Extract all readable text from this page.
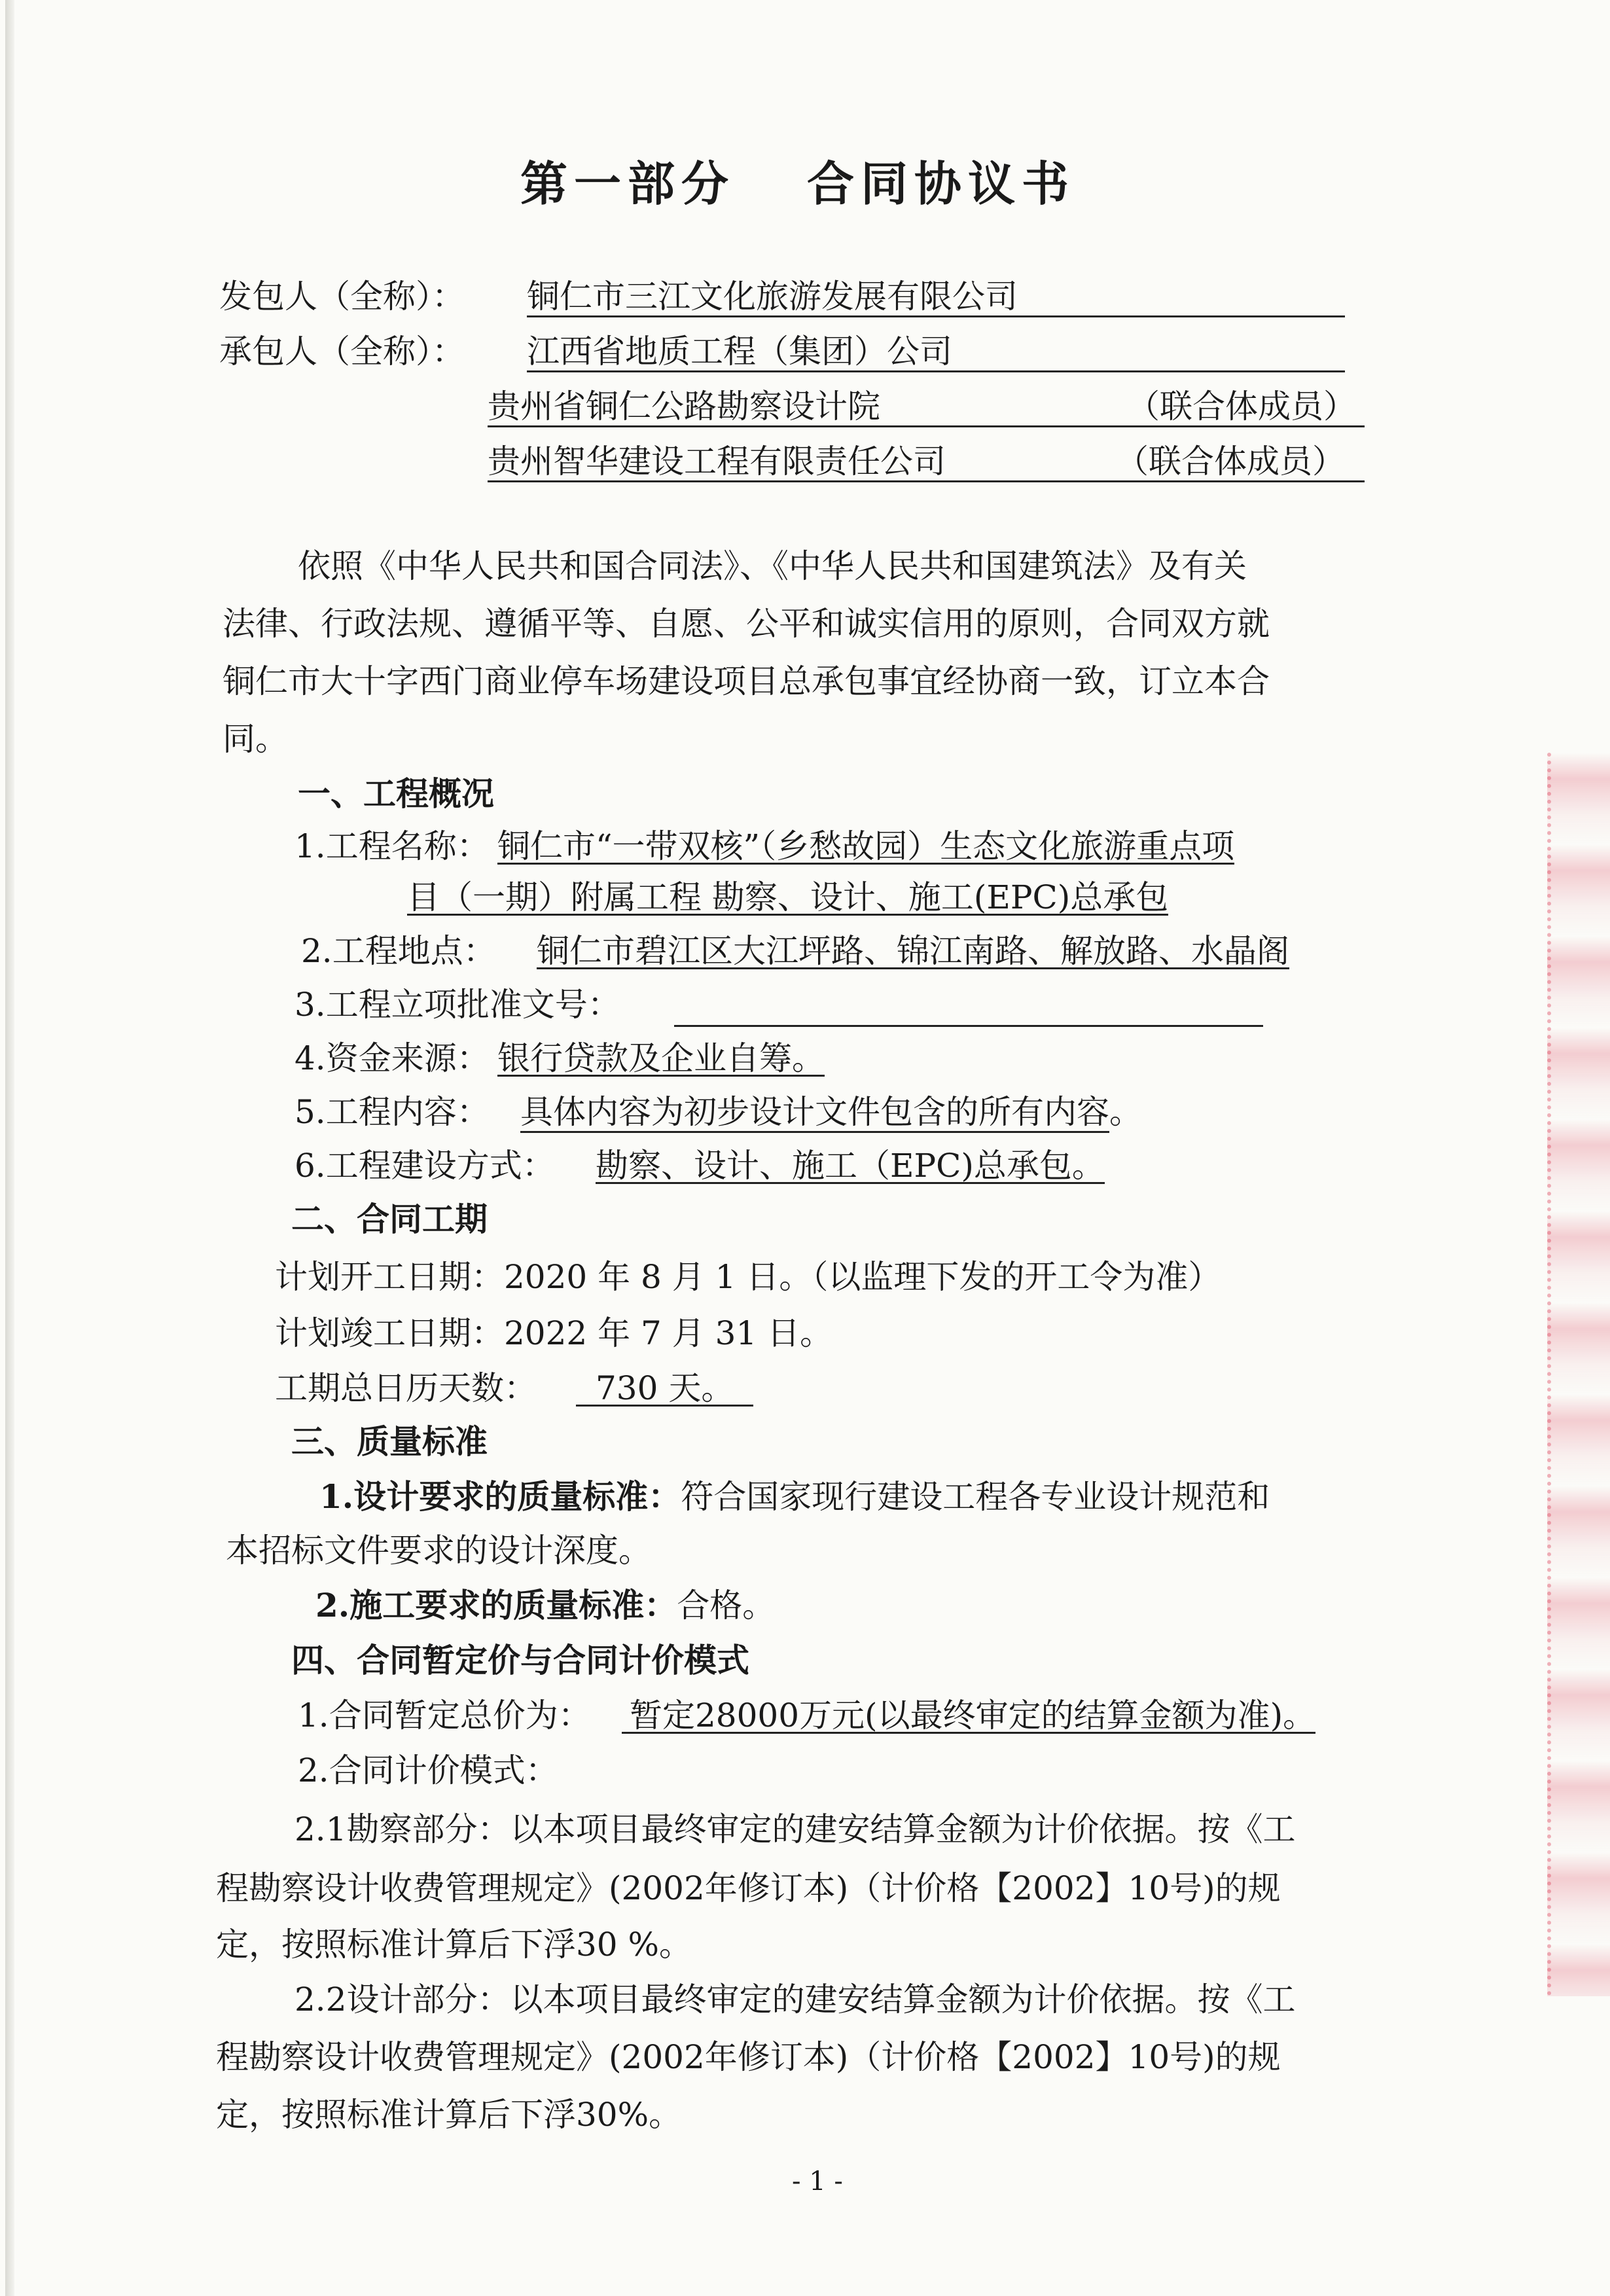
第一部分 合同协议书
发包人（全称）： 铜仁市三江文化旅游发展有限公司
承包人（全称）： 江西省地质工程（集团）公司
贵州省铜仁公路勘察设计院	（联合体成员）
贵州智华建设工程有限责任公司	（联合体成员）
依照《中华人民共和国合同法》、《中华人民共和国建筑法》及有关
法律、行政法规、遵循平等、自愿、公平和诚实信用的原则，合同双方就
铜仁市大十字西门商业停车场建设项目总承包事宜经协商一致，订立本合
同。
一、工程概况
1.工程名称： 铜仁市“一带双核”（乡愁故园）生态文化旅游重点项
目（一期）附属工程 勘察、设计、施工(EPC)总承包
2.工程地点： 铜仁市碧江区大江坪路、锦江南路、解放路、水晶阁
3.工程立项批准文号：
4.资金来源： 银行贷款及企业自筹。
5.工程内容： 具体内容为初步设计文件包含的所有内容。
6.工程建设方式： 勘察、设计、施工（EPC)总承包。
二、合同工期
计划开工日期：2020 年 8 月 1 日。（以监理下发的开工令为准）
计划竣工日期：2022 年 7 月 31 日。
工期总日历天数：	730 天。
三、质量标准
1.设计要求的质量标准：符合国家现行建设工程各专业设计规范和
本招标文件要求的设计深度。
2.施工要求的质量标准：合格。
四、合同暂定价与合同计价模式
1.合同暂定总价为： 暂定28000万元(以最终审定的结算金额为准)。
2.合同计价模式：
2.1勘察部分：以本项目最终审定的建安结算金额为计价依据。按《工
程勘察设计收费管理规定》(2002年修订本)（计价格【2002】10号)的规
定，按照标准计算后下浮30 %。
2.2设计部分：以本项目最终审定的建安结算金额为计价依据。按《工
程勘察设计收费管理规定》(2002年修订本)（计价格【2002】10号)的规
定，按照标准计算后下浮30%。
- 1 -
